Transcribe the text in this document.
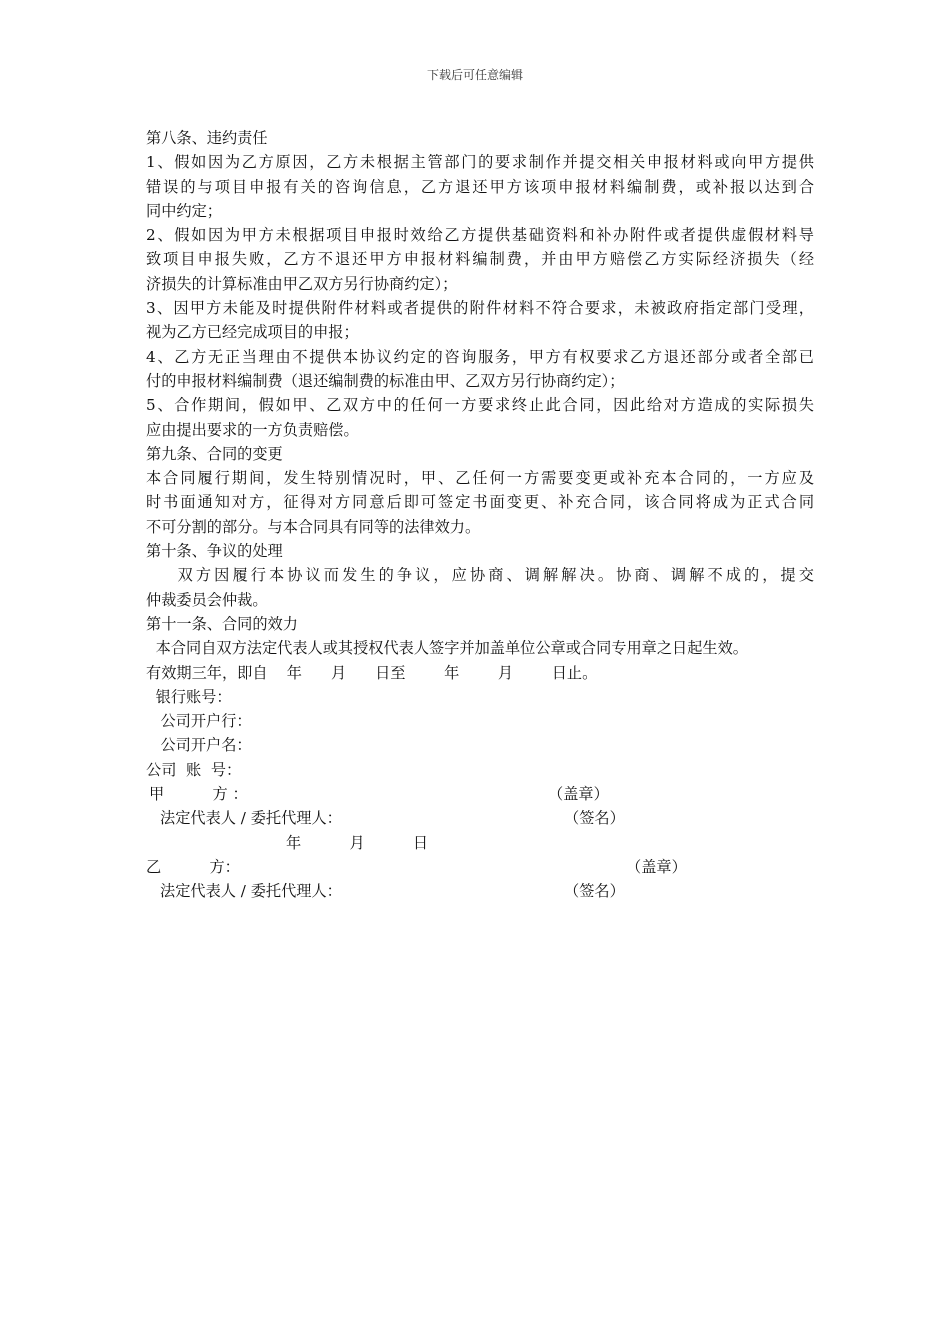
下载后可任意编辑
第八条、违约责任
1、假如因为乙方原因，乙方未根据主管部门的要求制作并提交相关申报材料或向甲方提供
错误的与项目申报有关的咨询信息，乙方退还甲方该项申报材料编制费，或补报以达到合
同中约定；
2、假如因为甲方未根据项目申报时效给乙方提供基础资料和补办附件或者提供虚假材料导
致项目申报失败，乙方不退还甲方申报材料编制费，并由甲方赔偿乙方实际经济损失（经
济损失的计算标准由甲乙双方另行协商约定）；
3、因甲方未能及时提供附件材料或者提供的附件材料不符合要求，未被政府指定部门受理，
视为乙方已经完成项目的申报；
4、乙方无正当理由不提供本协议约定的咨询服务，甲方有权要求乙方退还部分或者全部已
付的申报材料编制费（退还编制费的标准由甲、乙双方另行协商约定）；
5、合作期间，假如甲、乙双方中的任何一方要求终止此合同，因此给对方造成的实际损失
应由提出要求的一方负责赔偿。
第九条、合同的变更
本合同履行期间，发生特别情况时，甲、乙任何一方需要变更或补充本合同的，一方应及
时书面通知对方，征得对方同意后即可签定书面变更、补充合同，该合同将成为正式合同
不可分割的部分。与本合同具有同等的法律效力。
第十条、争议的处理
双方因履行本协议而发生的争议，应协商、调解解决。协商、调解不成的，提交
仲裁委员会仲裁。
第十一条、合同的效力
本合同自双方法定代表人或其授权代表人签字并加盖单位公章或合同专用章之日起生效。
有效期三年，即自    年      月      日至        年        月        日止。
银行账号：
公司开户行：
公司开户名：
公司  账  号：
甲          方 ：	（盖章）
法定代表人 / 委托代理人：	（签名）
年          月          日
乙          方：	（盖章）
法定代表人 / 委托代理人：	（签名）
